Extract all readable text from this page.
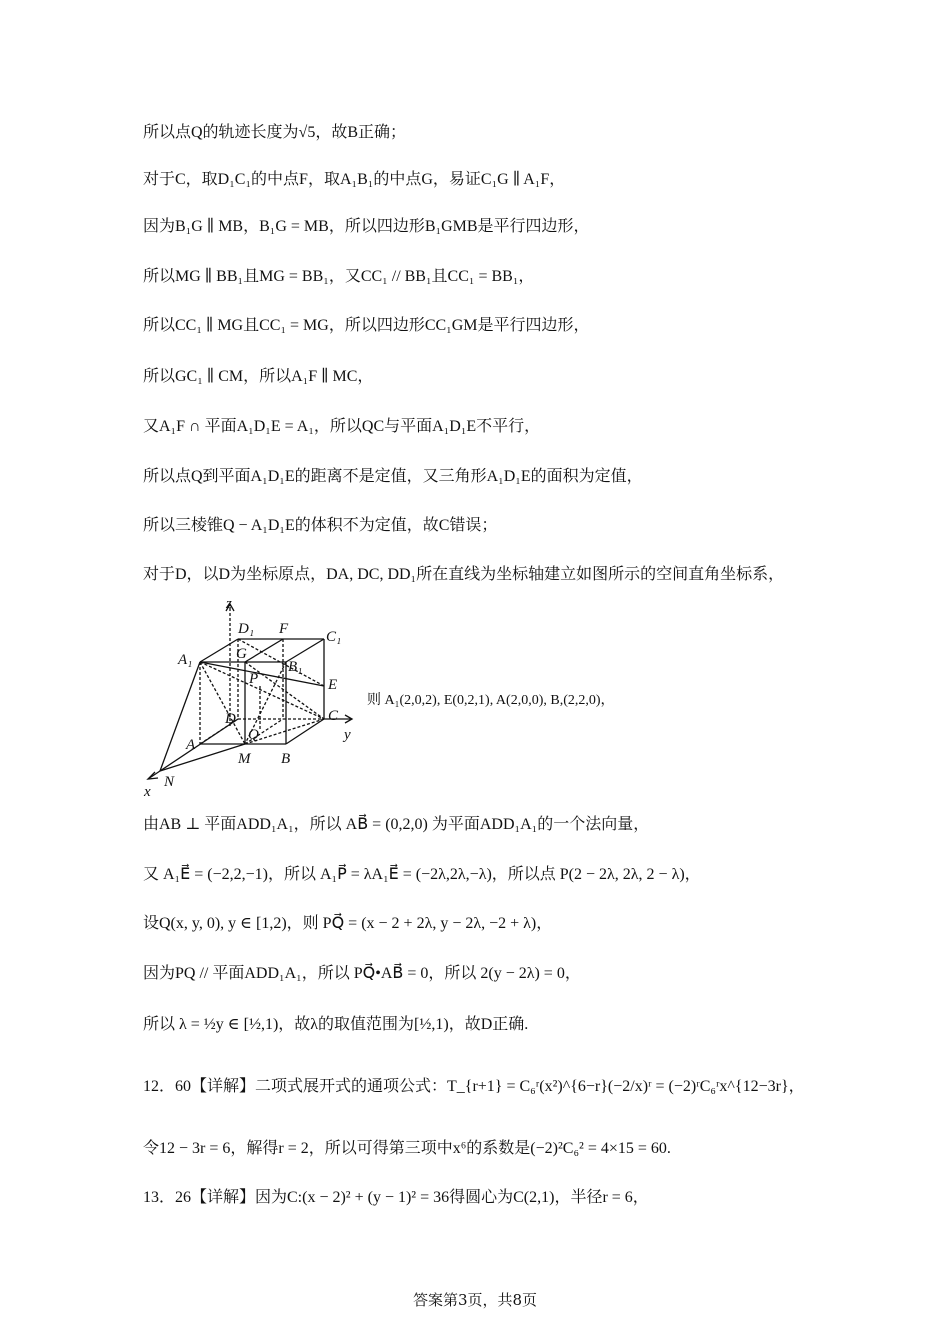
所以点Q的轨迹长度为√5，故B正确；
对于C，取D₁C₁的中点F，取A₁B₁的中点G，易证C₁G ∥ A₁F，
因为B₁G ∥ MB，B₁G = MB，所以四边形B₁GMB是平行四边形，
所以MG ∥ BB₁且MG = BB₁，又CC₁ // BB₁且CC₁ = BB₁，
所以CC₁ ∥ MG且CC₁ = MG，所以四边形CC₁GM是平行四边形，
所以GC₁ ∥ CM，所以A₁F ∥ MC，
又A₁F ∩ 平面A₁D₁E = A₁，所以QC与平面A₁D₁E不平行，
所以点Q到平面A₁D₁E的距离不是定值，又三角形A₁D₁E的面积为定值，
所以三棱锥Q − A₁D₁E的体积不为定值，故C错误；
对于D，以D为坐标原点，DA, DC, DD₁所在直线为坐标轴建立如图所示的空间直角坐标系，
z
D₁ F	C₁
A₁	G
B₁
P	E
D	C
y
A
Q
M B
N
x
则 A₁(2,0,2), E(0,2,1), A(2,0,0), B,(2,2,0)，
由AB ⊥ 平面ADD₁A₁，所以 AB⃗ = (0,2,0) 为平面ADD₁A₁的一个法向量，
又 A₁E⃗ = (−2,2,−1)，所以 A₁P⃗ = λA₁E⃗ = (−2λ,2λ,−λ)，所以点 P(2 − 2λ, 2λ, 2 − λ)，
设Q(x, y, 0), y ∈ [1,2)，则 PQ⃗ = (x − 2 + 2λ, y − 2λ, −2 + λ)，
因为PQ // 平面ADD₁A₁，所以 PQ⃗•AB⃗ = 0，所以 2(y − 2λ) = 0，
所以 λ = ½y ∈ [½,1)，故λ的取值范围为[½,1)，故D正确.
12．60【详解】二项式展开式的通项公式：T_{r+1} = C₆ʳ(x²)^{6−r}(−2/x)ʳ = (−2)ʳC₆ʳx^{12−3r}，
令12 − 3r = 6，解得r = 2，所以可得第三项中x⁶的系数是(−2)²C₆² = 4×15 = 60.
13．26【详解】因为C:(x − 2)² + (y − 1)² = 36得圆心为C(2,1)，半径r = 6，
答案第3页，共8页
